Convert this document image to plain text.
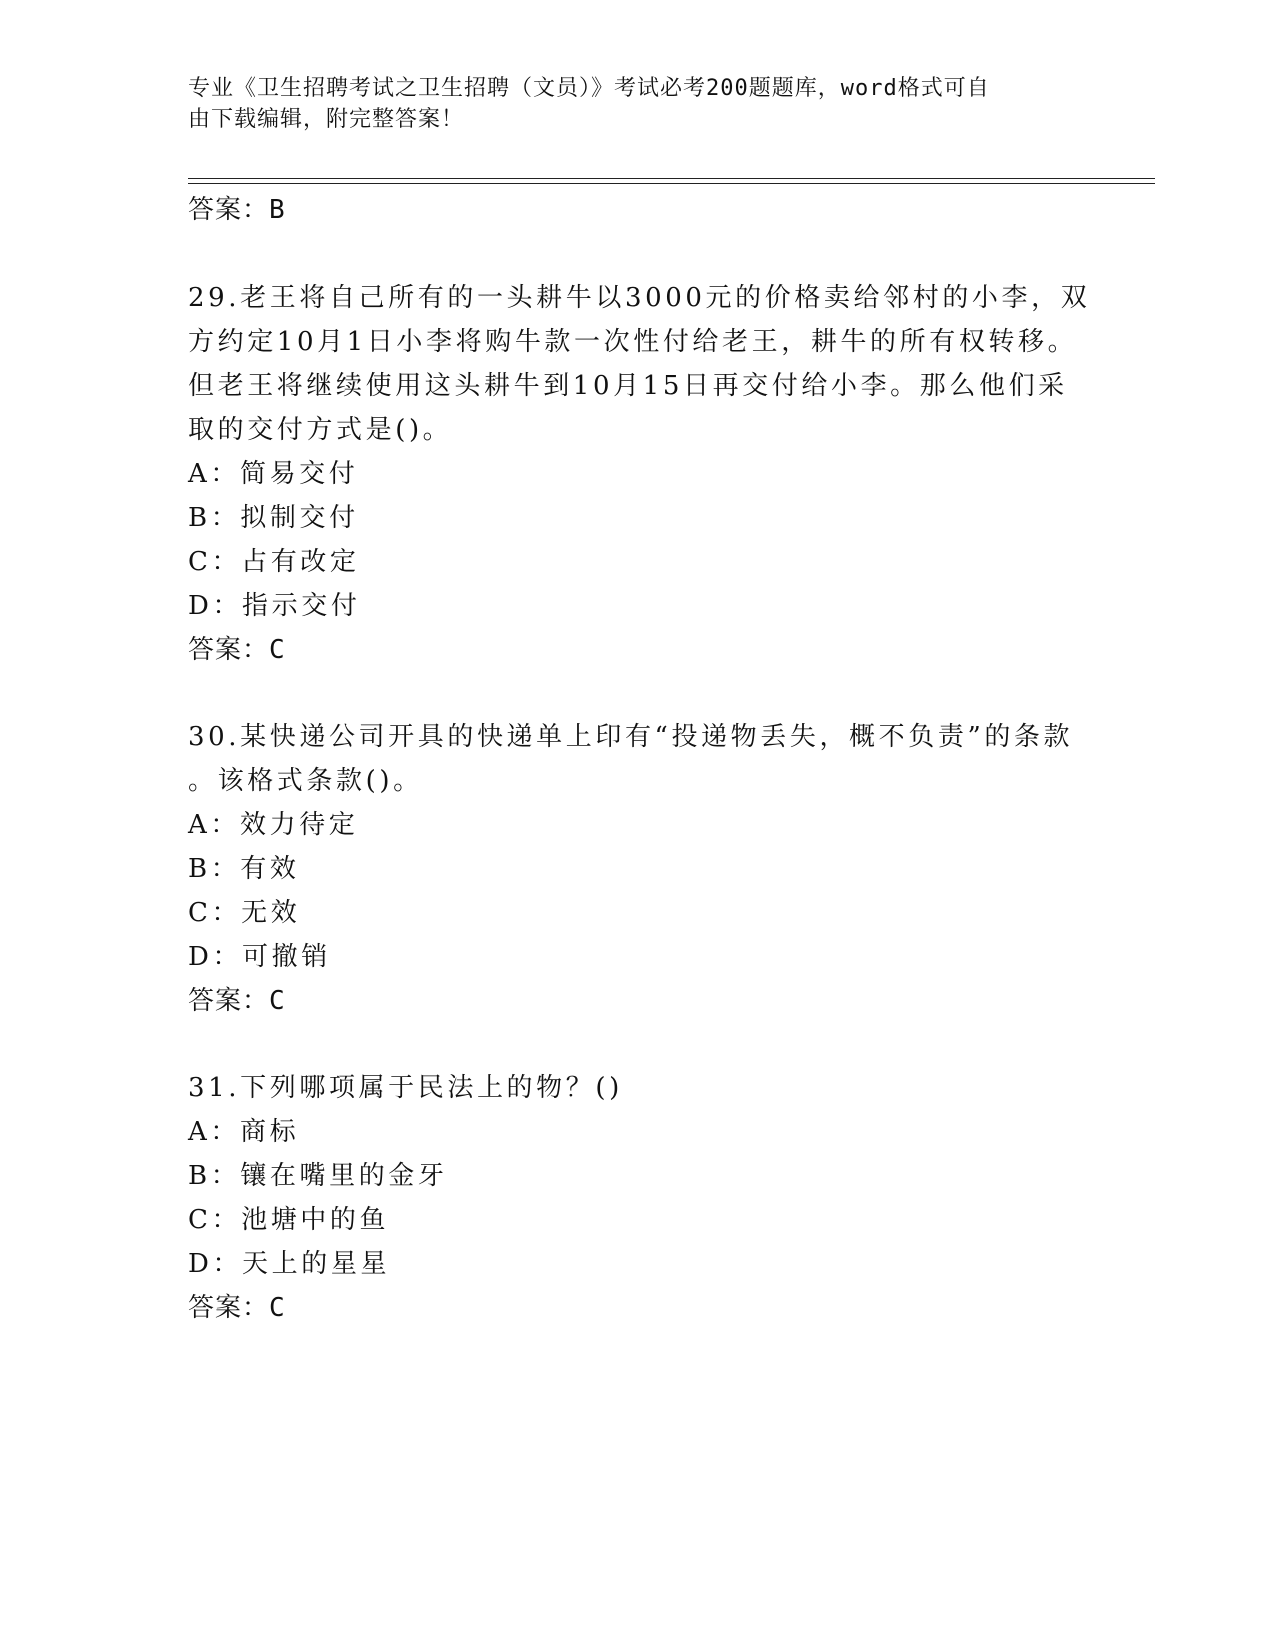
专业《卫生招聘考试之卫生招聘（文员）》考试必考200题题库，word格式可自
由下载编辑，附完整答案！
答案：B
29.老王将自己所有的一头耕牛以3000元的价格卖给邻村的小李，双
方约定10月1日小李将购牛款一次性付给老王，耕牛的所有权转移。
但老王将继续使用这头耕牛到10月15日再交付给小李。那么他们采
取的交付方式是()。
A：简易交付
B：拟制交付
C：占有改定
D：指示交付
答案：C
30.某快递公司开具的快递单上印有“投递物丢失，概不负责”的条款
。该格式条款()。
A：效力待定
B：有效
C：无效
D：可撤销
答案：C
31.下列哪项属于民法上的物？()
A：商标
B：镶在嘴里的金牙
C：池塘中的鱼
D：天上的星星
答案：C
